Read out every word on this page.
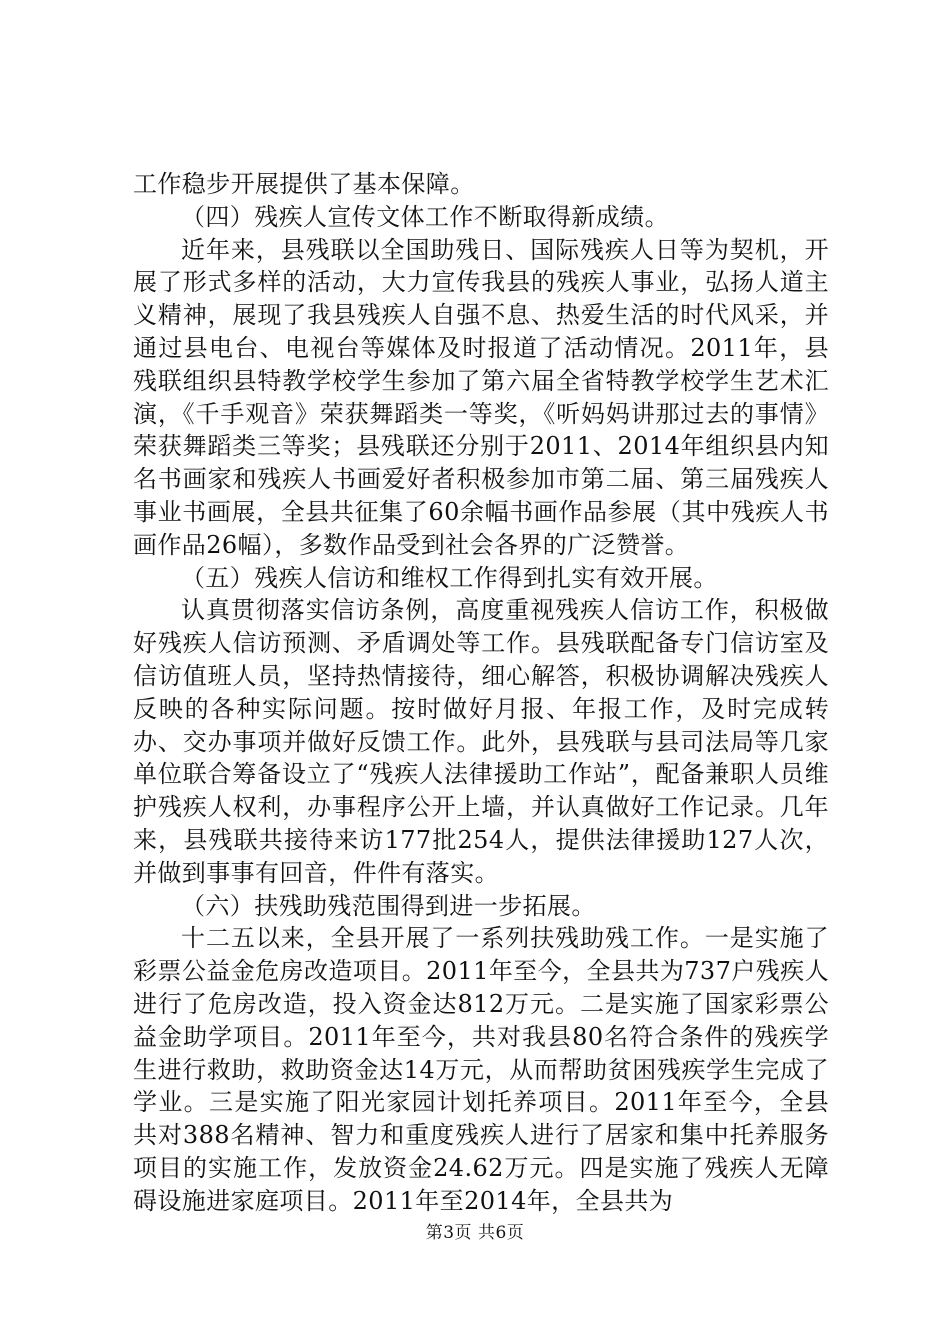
工作稳步开展提供了基本保障。

（四）残疾人宣传文体工作不断取得新成绩。

近年来，县残联以全国助残日、国际残疾人日等为契机，开展了形式多样的活动，大力宣传我县的残疾人事业，弘扬人道主义精神，展现了我县残疾人自强不息、热爱生活的时代风采，并通过县电台、电视台等媒体及时报道了活动情况。2011年，县残联组织县特教学校学生参加了第六届全省特教学校学生艺术汇演，《千手观音》荣获舞蹈类一等奖，《听妈妈讲那过去的事情》荣获舞蹈类三等奖；县残联还分别于2011、2014年组织县内知名书画家和残疾人书画爱好者积极参加市第二届、第三届残疾人事业书画展，全县共征集了60余幅书画作品参展（其中残疾人书画作品26幅），多数作品受到社会各界的广泛赞誉。

（五）残疾人信访和维权工作得到扎实有效开展。

认真贯彻落实信访条例，高度重视残疾人信访工作，积极做好残疾人信访预测、矛盾调处等工作。县残联配备专门信访室及信访值班人员，坚持热情接待，细心解答，积极协调解决残疾人反映的各种实际问题。按时做好月报、年报工作，及时完成转办、交办事项并做好反馈工作。此外，县残联与县司法局等几家单位联合筹备设立了“残疾人法律援助工作站”，配备兼职人员维护残疾人权利，办事程序公开上墙，并认真做好工作记录。几年来，县残联共接待来访177批254人，提供法律援助127人次，并做到事事有回音，件件有落实。

（六）扶残助残范围得到进一步拓展。

十二五以来，全县开展了一系列扶残助残工作。一是实施了彩票公益金危房改造项目。2011年至今，全县共为737户残疾人进行了危房改造，投入资金达812万元。二是实施了国家彩票公益金助学项目。2011年至今，共对我县80名符合条件的残疾学生进行救助，救助资金达14万元，从而帮助贫困残疾学生完成了学业。三是实施了阳光家园计划托养项目。2011年至今，全县共对388名精神、智力和重度残疾人进行了居家和集中托养服务项目的实施工作，发放资金24.62万元。四是实施了残疾人无障碍设施进家庭项目。2011年至2014年，全县共为

第3页 共6页
